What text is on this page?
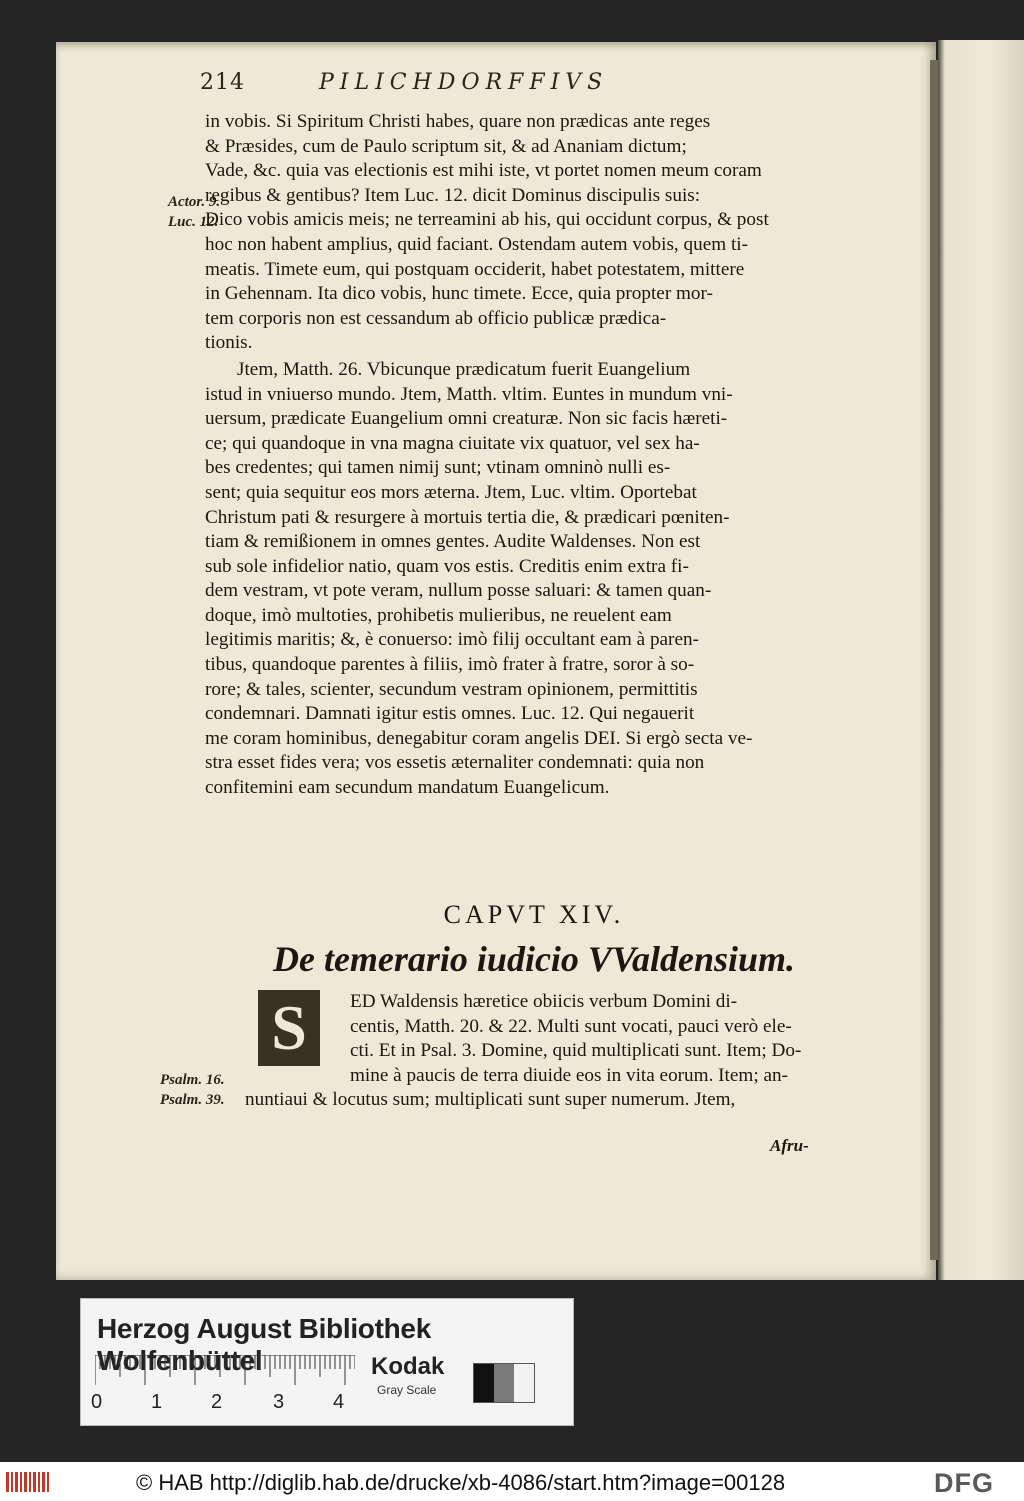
214	PILICHDORFFIVS
Actor. 9.
Luc. 12.
in vobis. Si Spiritum Christi habes, quare non prædicas ante reges
& Præsides, cum de Paulo scriptum sit, & ad Ananiam dictum;
Vade, &c. quia vas electionis est mihi iste, vt portet nomen meum coram
regibus & gentibus? Item Luc. 12. dicit Dominus discipulis suis:
Dico vobis amicis meis; ne terreamini ab his, qui occidunt corpus, & post
hoc non habent amplius, quid faciant. Ostendam autem vobis, quem ti-
meatis. Timete eum, qui postquam occiderit, habet potestatem, mittere
in Gehennam. Ita dico vobis, hunc timete. Ecce, quia propter mor-
tem corporis non est cessandum ab officio publicæ prædica-
tionis.
Jtem, Matth. 26. Vbicunque prædicatum fuerit Euangelium
istud in vniuerso mundo. Jtem, Matth. vltim. Euntes in mundum vni-
uersum, prædicate Euangelium omni creaturæ. Non sic facis hæreti-
ce; qui quandoque in vna magna ciuitate vix quatuor, vel sex ha-
bes credentes; qui tamen nimij sunt; vtinam omninò nulli es-
sent; quia sequitur eos mors æterna. Jtem, Luc. vltim. Oportebat
Christum pati & resurgere à mortuis tertia die, & prædicari pœniten-
tiam & remißionem in omnes gentes. Audite Waldenses. Non est
sub sole infidelior natio, quam vos estis. Creditis enim extra fi-
dem vestram, vt pote veram, nullum posse saluari: & tamen quan-
doque, imò multoties, prohibetis mulieribus, ne reuelent eam
legitimis maritis; &, è conuerso: imò filij occultant eam à paren-
tibus, quandoque parentes à filiis, imò frater à fratre, soror à so-
rore; & tales, scienter, secundum vestram opinionem, permittitis
condemnari. Damnati igitur estis omnes. Luc. 12. Qui negauerit
me coram hominibus, denegabitur coram angelis DEI. Si ergò secta ve-
stra esset fides vera; vos essetis æternaliter condemnati: quia non
confitemini eam secundum mandatum Euangelicum.
CAPVT XIV.
De temerario iudicio VValdensium.
ED Waldensis hæretice obiicis verbum Domini di-
centis, Matth. 20. & 22. Multi sunt vocati, pauci verò ele-
cti. Et in Psal. 3. Domine, quid multiplicati sunt. Item; Do-
mine à paucis de terra diuide eos in vita eorum. Item; an-
nuntiaui & locutus sum; multiplicati sunt super numerum. Jtem,
S
Psalm. 16.
Psalm. 39.
Afru-
Herzog August Bibliothek Wolfenbüttel
0 1 2	3 4
Kodak
Gray Scale
© HAB http://diglib.hab.de/drucke/xb-4086/start.htm?image=00128	DFG
